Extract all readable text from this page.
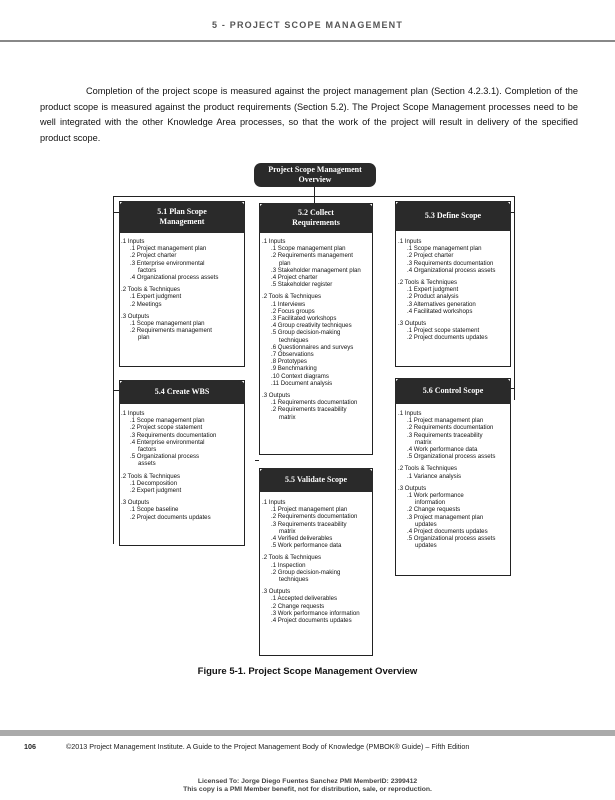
5 - PROJECT SCOPE MANAGEMENT
Completion of the project scope is measured against the project management plan (Section 4.2.3.1). Completion of the product scope is measured against the product requirements (Section 5.2). The Project Scope Management processes need to be well integrated with the other Knowledge Area processes, so that the work of the project will result in delivery of the specified product scope.
Project Scope Management
Overview
5.1 Plan Scope
Management
.1 Inputs
.1 Project management plan
.2 Project charter
.3 Enterprise environmental
factors
.4 Organizational process assets
.2 Tools & Techniques
.1 Expert judgment
.2 Meetings
.3 Outputs
.1 Scope management plan
.2 Requirements management
plan
5.4 Create WBS
.1 Inputs
.1 Scope management plan
.2 Project scope statement
.3 Requirements documentation
.4 Enterprise environmental
factors
.5 Organizational process
assets
.2 Tools & Techniques
.1 Decomposition
.2 Expert judgment
.3 Outputs
.1 Scope baseline
.2 Project documents updates
5.2 Collect
Requirements
.1 Inputs
.1 Scope management plan
.2 Requirements management
plan
.3 Stakeholder management plan
.4 Project charter
.5 Stakeholder register
.2 Tools & Techniques
.1 Interviews
.2 Focus groups
.3 Facilitated workshops
.4 Group creativity techniques
.5 Group decision-making
techniques
.6 Questionnaires and surveys
.7 Observations
.8 Prototypes
.9 Benchmarking
.10 Context diagrams
.11 Document analysis
.3 Outputs
.1 Requirements documentation
.2 Requirements traceability
matrix
5.5 Validate Scope
.1 Inputs
.1 Project management plan
.2 Requirements documentation
.3 Requirements traceability
matrix
.4 Verified deliverables
.5 Work performance data
.2 Tools & Techniques
.1 Inspection
.2 Group decision-making
techniques
.3 Outputs
.1 Accepted deliverables
.2 Change requests
.3 Work performance information
.4 Project documents updates
5.3 Define Scope
.1 Inputs
.1 Scope management plan
.2 Project charter
.3 Requirements documentation
.4 Organizational process assets
.2 Tools & Techniques
.1 Expert judgment
.2 Product analysis
.3 Alternatives generation
.4 Facilitated workshops
.3 Outputs
.1 Project scope statement
.2 Project documents updates
5.6 Control Scope
.1 Inputs
.1 Project management plan
.2 Requirements documentation
.3 Requirements traceability
matrix
.4 Work performance data
.5 Organizational process assets
.2 Tools & Techniques
.1 Variance analysis
.3 Outputs
.1 Work performance
information
.2 Change requests
.3 Project management plan
updates
.4 Project documents updates
.5 Organizational process assets
updates
Figure 5-1. Project Scope Management Overview
106	©2013 Project Management Institute. A Guide to the Project Management Body of Knowledge (PMBOK® Guide) – Fifth Edition
Licensed To: Jorge Diego Fuentes Sanchez PMI MemberID: 2399412
This copy is a PMI Member benefit, not for distribution, sale, or reproduction.
